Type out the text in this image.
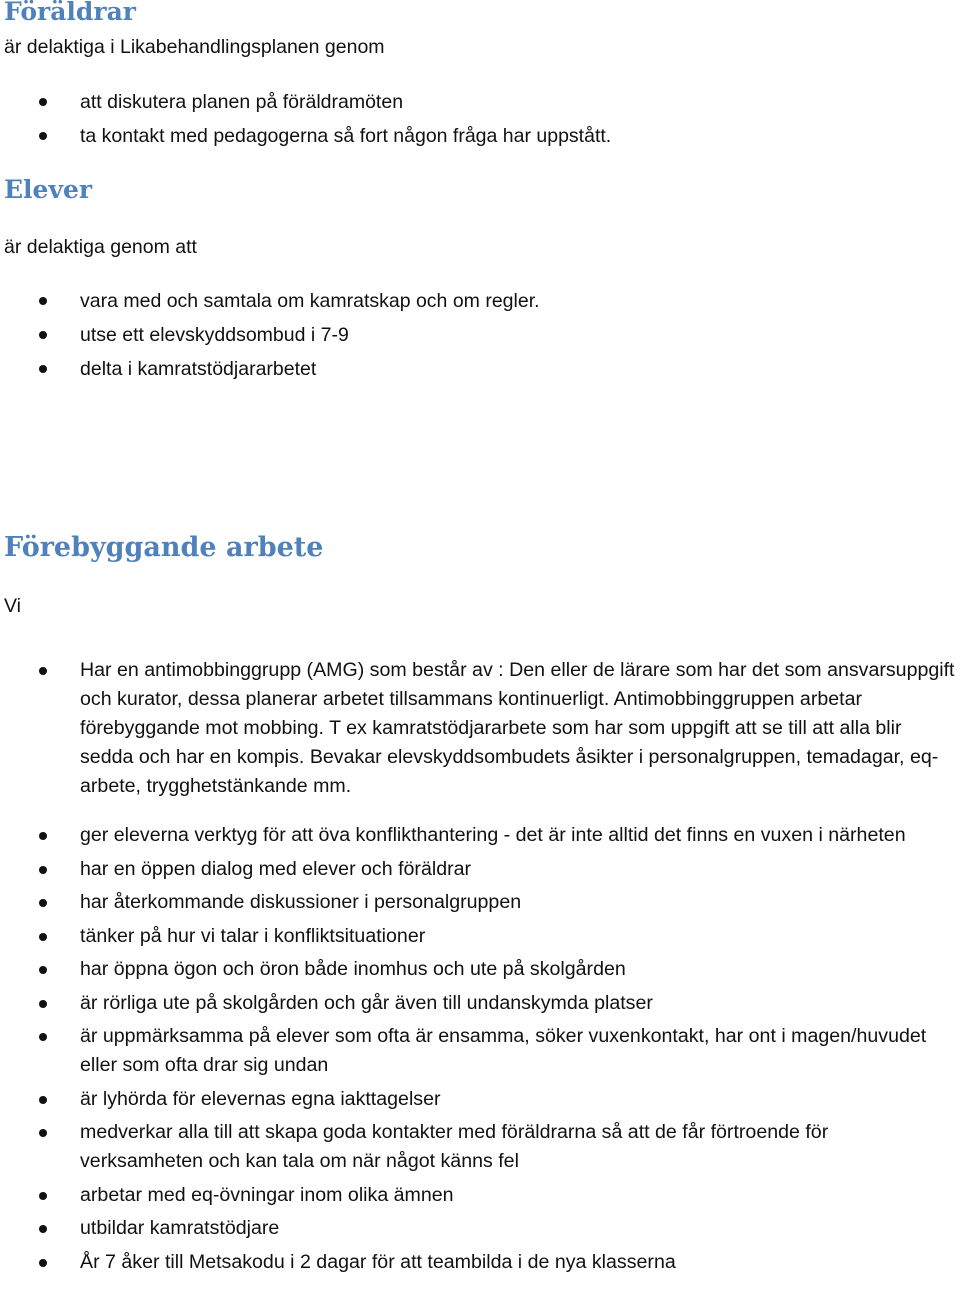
Föräldrar

är delaktiga i Likabehandlingsplanen genom

att diskutera planen på föräldramöten
ta kontakt med pedagogerna så fort någon fråga har uppstått.
Elever

är delaktiga genom att

vara med och samtala om kamratskap och om regler.
utse ett elevskyddsombud i 7-9
delta i kamratstödjararbetet
Förebyggande arbete

Vi

Har en antimobbinggrupp (AMG) som består av : Den eller de lärare som har det som ansvarsuppgift och kurator, dessa planerar arbetet tillsammans kontinuerligt. Antimobbinggruppen arbetar förebyggande mot mobbing. T ex kamratstödjararbete som har som uppgift att se till att alla blir sedda och har en kompis. Bevakar elevskyddsombudets åsikter i personalgruppen, temadagar, eq-arbete, trygghetstänkande mm.
ger eleverna verktyg för att öva konflikthantering - det är inte alltid det finns en vuxen i närheten
har en öppen dialog med elever och föräldrar
har återkommande diskussioner i personalgruppen
tänker på hur vi talar i konfliktsituationer
har öppna ögon och öron både inomhus och ute på skolgården
är rörliga ute på skolgården och går även till undanskymda platser
är uppmärksamma på elever som ofta är ensamma, söker vuxenkontakt, har ont i magen/huvudet eller som ofta drar sig undan
är lyhörda för elevernas egna iakttagelser
medverkar alla till att skapa goda kontakter med föräldrarna så att de får förtroende för verksamheten och kan tala om när något känns fel
arbetar med eq-övningar inom olika ämnen
utbildar kamratstödjare
År 7 åker till Metsakodu i 2 dagar för att teambilda i de nya klasserna
